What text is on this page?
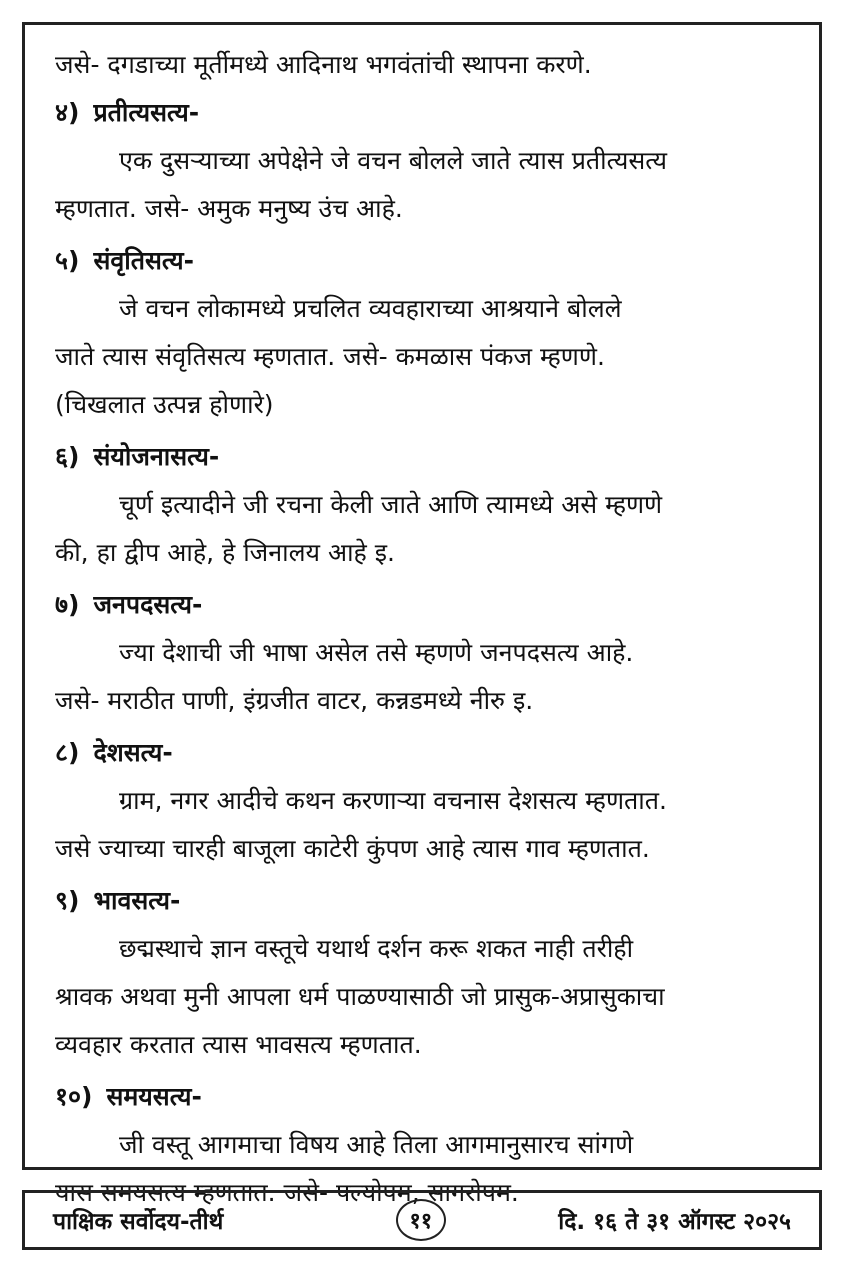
जसे- दगडाच्या मूर्तीमध्ये आदिनाथ भगवंतांची स्थापना करणे.
४) प्रतीत्यसत्य-
एक दुसऱ्याच्या अपेक्षेने जे वचन बोलले जाते त्यास प्रतीत्यसत्य
म्हणतात. जसे- अमुक मनुष्य उंच आहे.
५) संवृतिसत्य-
जे वचन लोकामध्ये प्रचलित व्यवहाराच्या आश्रयाने बोलले
जाते त्यास संवृतिसत्य म्हणतात. जसे- कमळास पंकज म्हणणे.
(चिखलात उत्पन्न होणारे)
६) संयोजनासत्य-
चूर्ण इत्यादीने जी रचना केली जाते आणि त्यामध्ये असे म्हणणे
की, हा द्वीप आहे, हे जिनालय आहे इ.
७) जनपदसत्य-
ज्या देशाची जी भाषा असेल तसे म्हणणे जनपदसत्य आहे.
जसे- मराठीत पाणी, इंग्रजीत वाटर, कन्नडमध्ये नीरु इ.
८) देशसत्य-
ग्राम, नगर आदीचे कथन करणाऱ्या वचनास देशसत्य म्हणतात.
जसे ज्याच्या चारही बाजूला काटेरी कुंपण आहे त्यास गाव म्हणतात.
९) भावसत्य-
छद्मस्थाचे ज्ञान वस्तूचे यथार्थ दर्शन करू शकत नाही तरीही
श्रावक अथवा मुनी आपला धर्म पाळण्यासाठी जो प्रासुक-अप्रासुकाचा
व्यवहार करतात त्यास भावसत्य म्हणतात.
१०) समयसत्य-
जी वस्तू आगमाचा विषय आहे तिला आगमानुसारच सांगणे
यास समयसत्य म्हणतात. जसे- पल्योपम, सागरोपम.
पाक्षिक सर्वोदय-तीर्थ	११	दि. १६ ते ३१ ऑगस्ट २०२५
